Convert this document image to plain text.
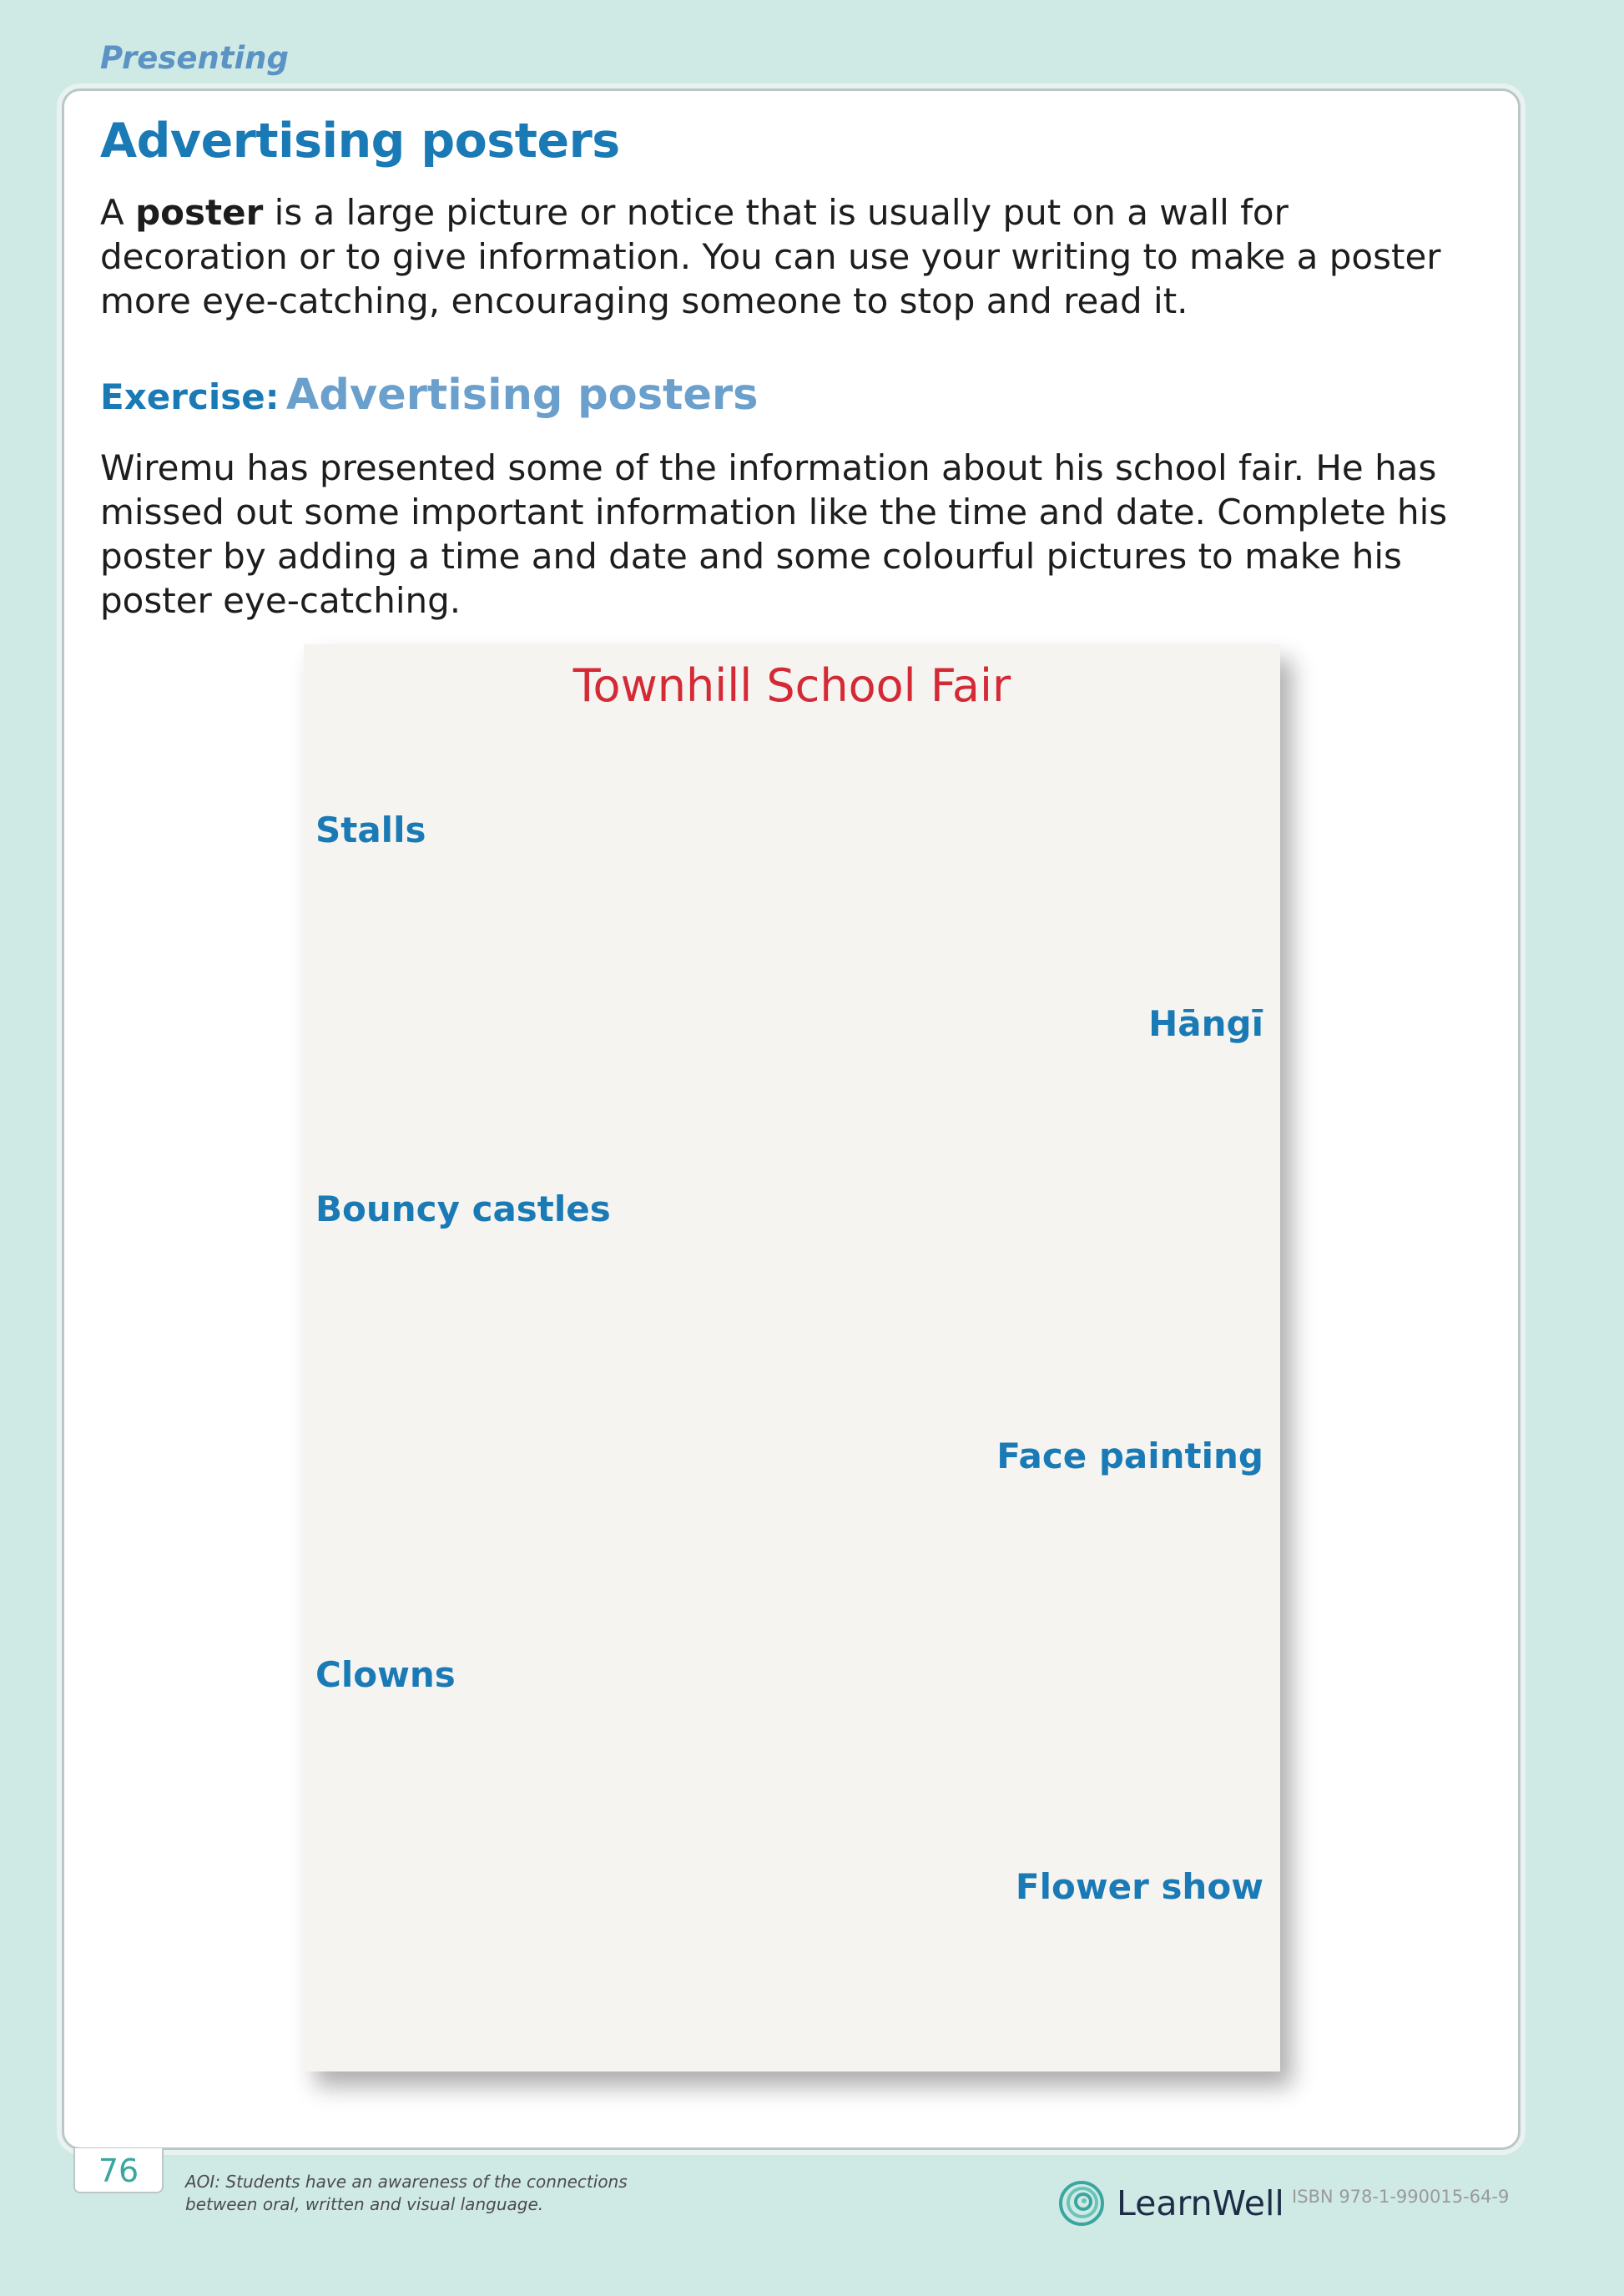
Presenting
Advertising posters

A poster is a large picture or notice that is usually put on a wall for decoration or to give information. You can use your writing to make a poster more eye-catching, encouraging someone to stop and read it.

Exercise: Advertising posters

Wiremu has presented some of the information about his school fair. He has missed out some important information like the time and date. Complete his poster by adding a time and date and some colourful pictures to make his poster eye-catching.

Townhill School Fair
Stalls
Hāngī
Bouncy castles
Face painting
Clowns
Flower show
76	AOI: Students have an awareness of the connections between oral, written and visual language.	LearnWell ISBN 978-1-990015-64-9
